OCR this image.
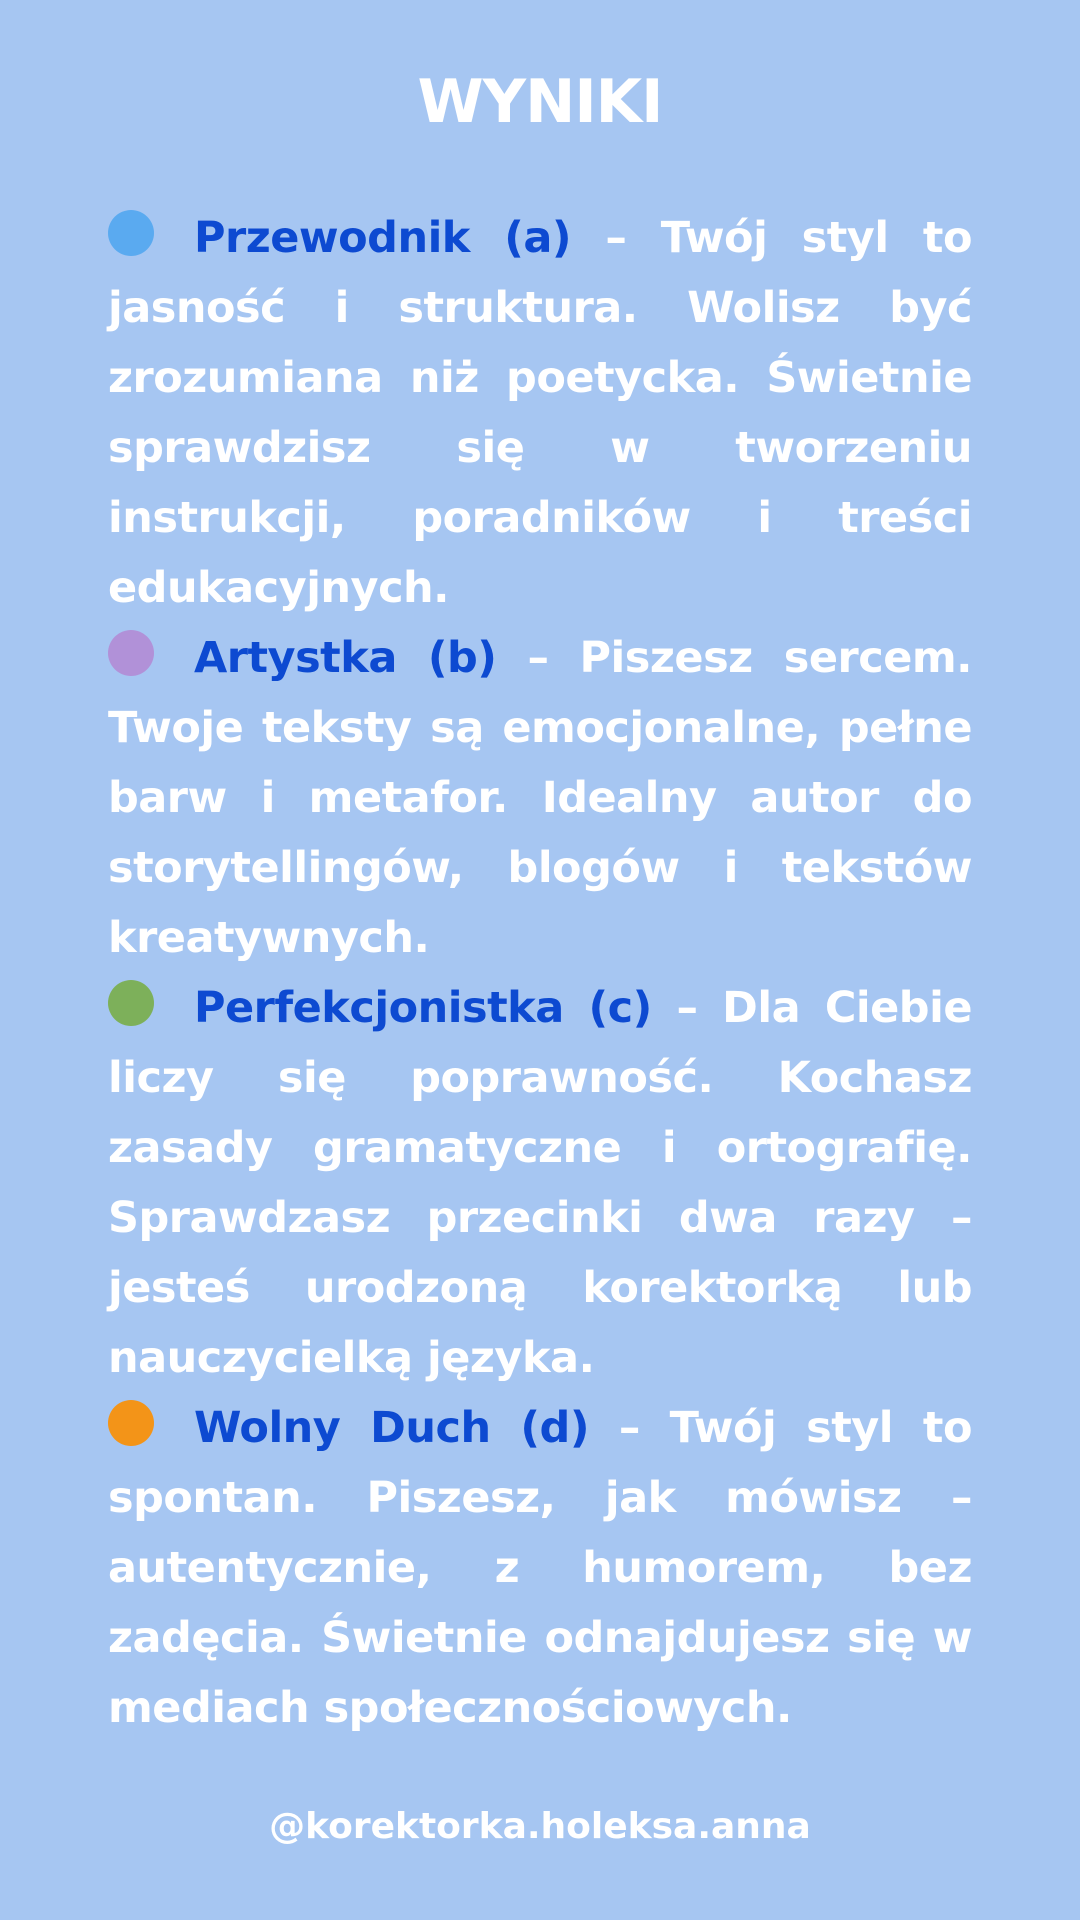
WYNIKI

Przewodnik (a) – Twój styl to jasność i struktura. Wolisz być zrozumiana niż poetycka. Świetnie sprawdzisz się w tworzeniu instrukcji, poradników i treści edukacyjnych.

Artystka (b) – Piszesz sercem. Twoje teksty są emocjonalne, pełne barw i metafor. Idealny autor do storytellingów, blogów i tekstów kreatywnych.

Perfekcjonistka (c) – Dla Ciebie liczy się poprawność. Kochasz zasady gramatyczne i ortografię. Sprawdzasz przecinki dwa razy – jesteś urodzoną korektorką lub nauczycielką języka.

Wolny Duch (d) – Twój styl to spontan. Piszesz, jak mówisz – autentycznie, z humorem, bez zadęcia. Świetnie odnajdujesz się w mediach społecznościowych.

@korektorka.holeksa.anna
